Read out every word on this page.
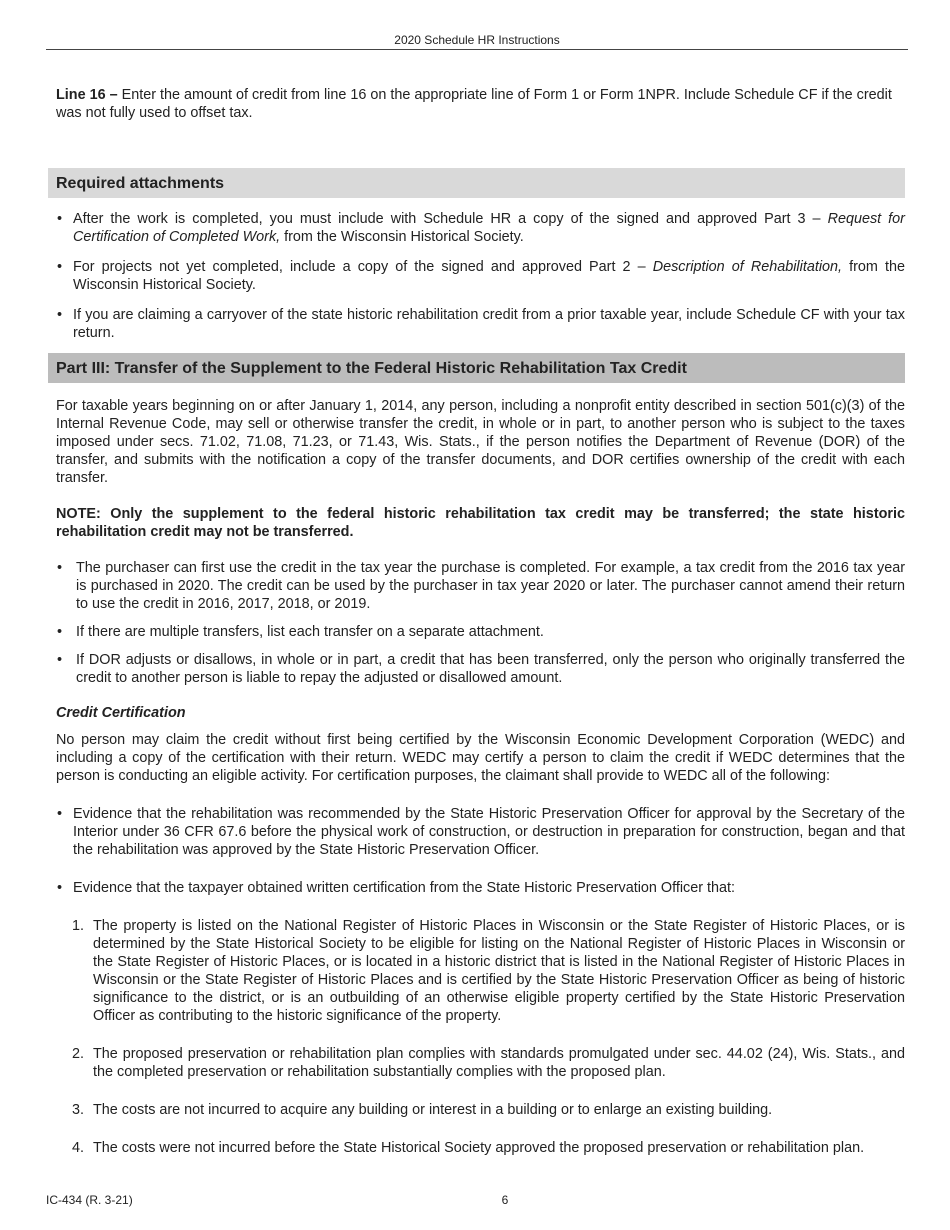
2020 Schedule HR Instructions

Line 16 – Enter the amount of credit from line 16 on the appropriate line of Form 1 or Form 1NPR. Include Schedule CF if the credit was not fully used to offset tax.

Required attachments
• After the work is completed, you must include with Schedule HR a copy of the signed and approved Part 3 – Request for Certification of Completed Work, from the Wisconsin Historical Society.
• For projects not yet completed, include a copy of the signed and approved Part 2 – Description of Rehabilitation, from the Wisconsin Historical Society.
• If you are claiming a carryover of the state historic rehabilitation credit from a prior taxable year, include Schedule CF with your tax return.
Part III: Transfer of the Supplement to the Federal Historic Rehabilitation Tax Credit

For taxable years beginning on or after January 1, 2014, any person, including a nonprofit entity described in section 501(c)(3) of the Internal Revenue Code, may sell or otherwise transfer the credit, in whole or in part, to another person who is subject to the taxes imposed under secs. 71.02, 71.08, 71.23, or 71.43, Wis. Stats., if the person notifies the Department of Revenue (DOR) of the transfer, and submits with the notification a copy of the transfer documents, and DOR certifies ownership of the credit with each transfer.

NOTE: Only the supplement to the federal historic rehabilitation tax credit may be transferred; the state historic rehabilitation credit may not be transferred.

• The purchaser can first use the credit in the tax year the purchase is completed. For example, a tax credit from the 2016 tax year is purchased in 2020. The credit can be used by the purchaser in tax year 2020 or later. The purchaser cannot amend their return to use the credit in 2016, 2017, 2018, or 2019.
• If there are multiple transfers, list each transfer on a separate attachment.
• If DOR adjusts or disallows, in whole or in part, a credit that has been transferred, only the person who originally transferred the credit to another person is liable to repay the adjusted or disallowed amount.
Credit Certification

No person may claim the credit without first being certified by the Wisconsin Economic Development Corporation (WEDC) and including a copy of the certification with their return. WEDC may certify a person to claim the credit if WEDC determines that the person is conducting an eligible activity. For certification purposes, the claimant shall provide to WEDC all of the following:

• Evidence that the rehabilitation was recommended by the State Historic Preservation Officer for approval by the Secretary of the Interior under 36 CFR 67.6 before the physical work of construction, or destruction in preparation for construction, began and that the rehabilitation was approved by the State Historic Preservation Officer.
• Evidence that the taxpayer obtained written certification from the State Historic Preservation Officer that:
1. The property is listed on the National Register of Historic Places in Wisconsin or the State Register of Historic Places, or is determined by the State Historical Society to be eligible for listing on the National Register of Historic Places in Wisconsin or the State Register of Historic Places, or is located in a historic district that is listed in the National Register of Historic Places in Wisconsin or the State Register of Historic Places and is certified by the State Historic Preservation Officer as being of historic significance to the district, or is an outbuilding of an otherwise eligible property certified by the State Historic Preservation Officer as contributing to the historic significance of the property.
2. The proposed preservation or rehabilitation plan complies with standards promulgated under sec. 44.02 (24), Wis. Stats., and the completed preservation or rehabilitation substantially complies with the proposed plan.
3. The costs are not incurred to acquire any building or interest in a building or to enlarge an existing building.
4. The costs were not incurred before the State Historical Society approved the proposed preservation or rehabilitation plan.
IC-434 (R. 3-21)	6
